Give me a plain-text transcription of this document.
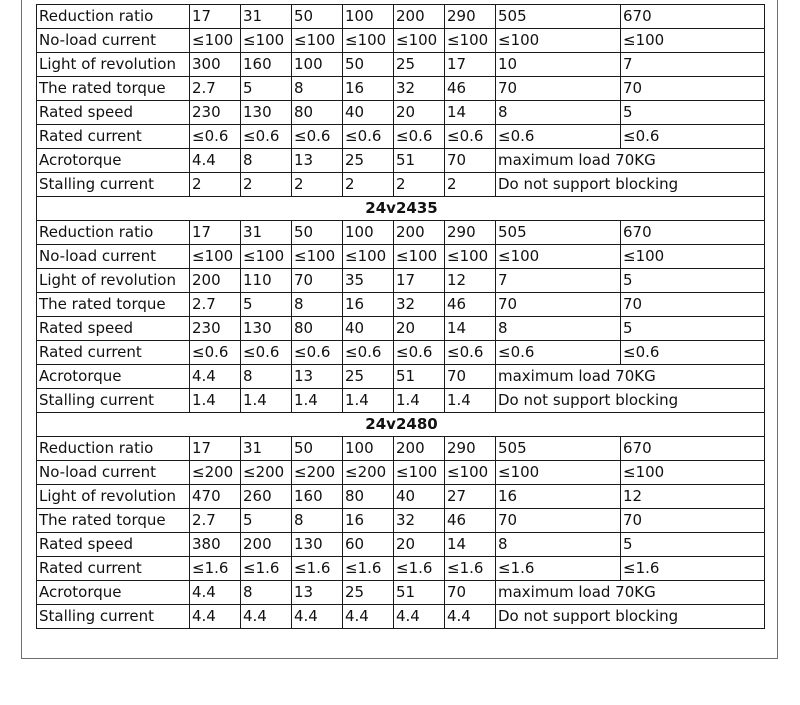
Reduction ratio	17	31	50	100	200	290	505	670
No-load current	≤100	≤100	≤100	≤100	≤100	≤100	≤100	≤100
Light of revolution	300	160	100	50	25	17	10	7
The rated torque	2.7	5	8	16	32	46	70	70
Rated speed	230	130	80	40	20	14	8	5
Rated current	≤0.6	≤0.6	≤0.6	≤0.6	≤0.6	≤0.6	≤0.6	≤0.6
Acrotorque	4.4	8	13	25	51	70	maximum load 70KG	
Stalling current	2	2	2	2	2	2	Do not support blocking	
24v2435								
Reduction ratio	17	31	50	100	200	290	505	670
No-load current	≤100	≤100	≤100	≤100	≤100	≤100	≤100	≤100
Light of revolution	200	110	70	35	17	12	7	5
The rated torque	2.7	5	8	16	32	46	70	70
Rated speed	230	130	80	40	20	14	8	5
Rated current	≤0.6	≤0.6	≤0.6	≤0.6	≤0.6	≤0.6	≤0.6	≤0.6
Acrotorque	4.4	8	13	25	51	70	maximum load 70KG	
Stalling current	1.4	1.4	1.4	1.4	1.4	1.4	Do not support blocking	
24v2480								
Reduction ratio	17	31	50	100	200	290	505	670
No-load current	≤200	≤200	≤200	≤200	≤100	≤100	≤100	≤100
Light of revolution	470	260	160	80	40	27	16	12
The rated torque	2.7	5	8	16	32	46	70	70
Rated speed	380	200	130	60	20	14	8	5
Rated current	≤1.6	≤1.6	≤1.6	≤1.6	≤1.6	≤1.6	≤1.6	≤1.6
Acrotorque	4.4	8	13	25	51	70	maximum load 70KG	
Stalling current	4.4	4.4	4.4	4.4	4.4	4.4	Do not support blocking	
